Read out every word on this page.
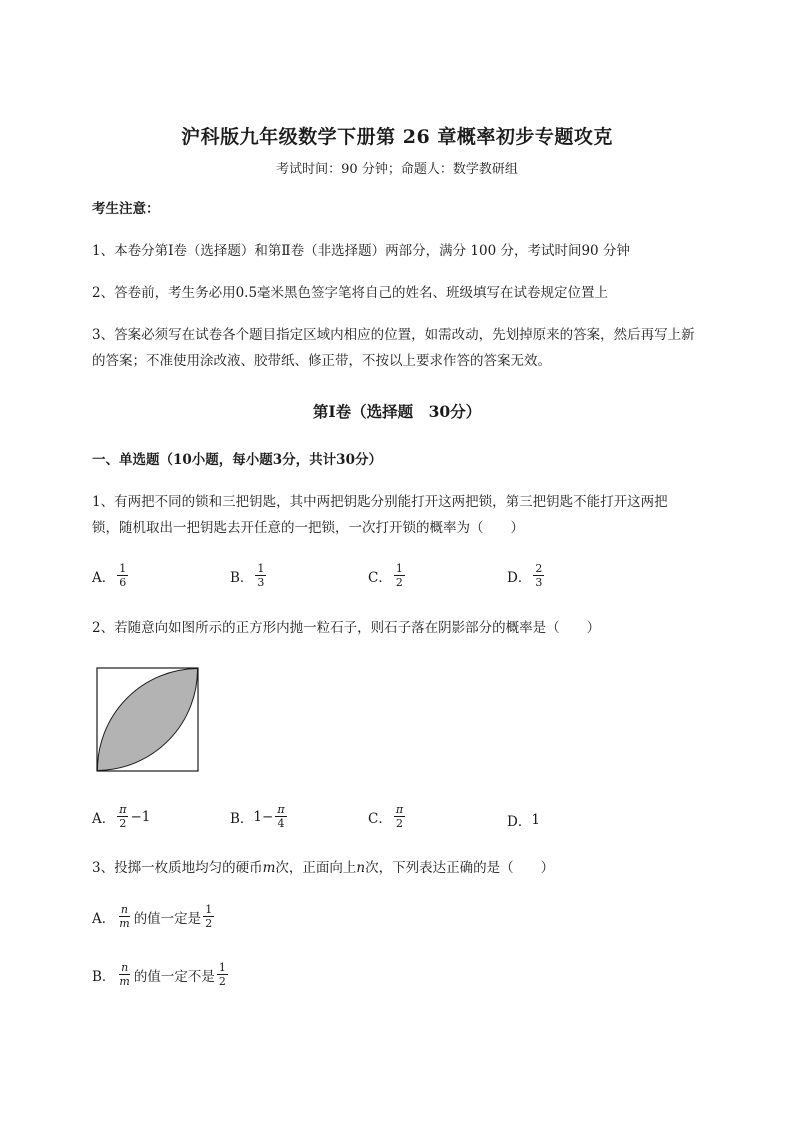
沪科版九年级数学下册第 26 章概率初步专题攻克
考试时间：90 分钟；命题人：数学教研组
考生注意：
1、本卷分第Ⅰ卷（选择题）和第Ⅱ卷（非选择题）两部分，满分 100 分，考试时间90 分钟
2、答卷前，考生务必用0.5毫米黑色签字笔将自己的姓名、班级填写在试卷规定位置上
3、答案必须写在试卷各个题目指定区域内相应的位置，如需改动，先划掉原来的答案，然后再写上新
的答案；不准使用涂改液、胶带纸、修正带，不按以上要求作答的答案无效。
第Ⅰ卷（选择题　30分）
一、单选题（10小题，每小题3分，共计30分）
1、有两把不同的锁和三把钥匙，其中两把钥匙分别能打开这两把锁，第三把钥匙不能打开这两把
锁，随机取出一把钥匙去开任意的一把锁，一次打开锁的概率为（　　）
A． $\frac{1}{6}$	B． $\frac{1}{3}$	C． $\frac{1}{2}$	D． $\frac{2}{3}$
2、若随意向如图所示的正方形内抛一粒石子，则石子落在阴影部分的概率是（　　）
A． $\frac{\pi}{2} -1$	B． $1- \frac{\pi}{4}$	C． $\frac{\pi}{2}$	D． 1
3、投掷一枚质地均匀的硬币m次，正面向上n次，下列表达正确的是（　　）
A． $\frac{n}{m}$ 的值一定是 $\frac{1}{2}$
B． $\frac{n}{m}$ 的值一定不是 $\frac{1}{2}$
